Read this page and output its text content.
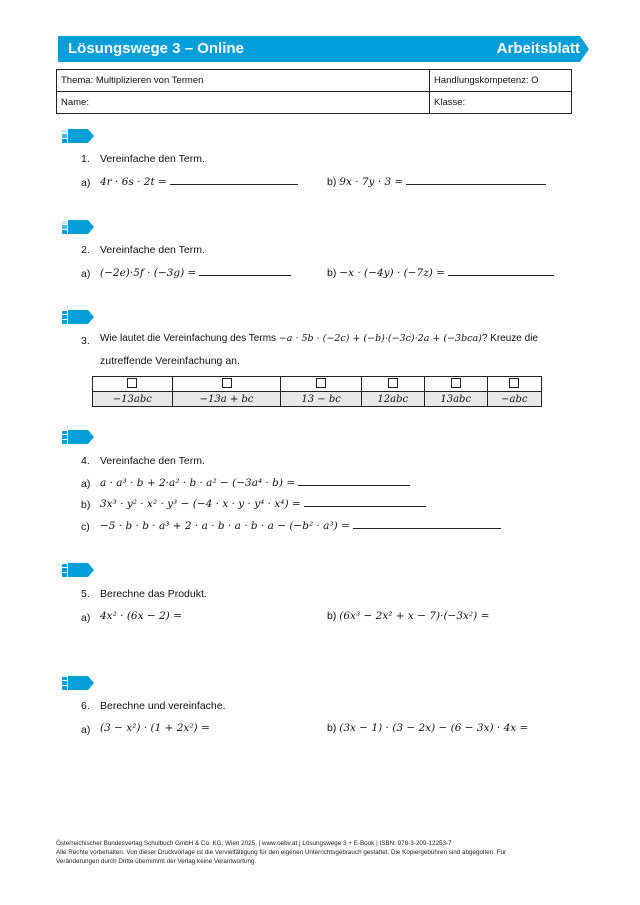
Lösungswege 3 – Online	Arbeitsblatt
Thema: Multiplizieren von Termen	Handlungskompetenz: O
Name:	Klasse:
1. Vereinfache den Term.
a) 4r · 6s · 2t =	b) 9x · 7y · 3 =
2. Vereinfache den Term.
a) (−2e)·5f · (−3g) =	b) −x · (−4y) · (−7z) =
3. Wie lautet die Vereinfachung des Terms −a · 5b · (−2c) + (−b)·(−3c)·2a + (−3bca)? Kreuze die
zutreffende Vereinfachung an.

−13abc	−13a + bc	13 − bc	12abc	13abc	−abc
4. Vereinfache den Term.
a) a · a³ · b + 2·a² · b · a² − (−3a⁴ · b) =
b) 3x³ · y² · x² · y³ − (−4 · x · y · y⁴ · x⁴) =
c) −5 · b · b · a³ + 2 · a · b · a · b · a − (−b² · a³) =
5. Berechne das Produkt.
a) 4x² · (6x − 2) =	b) (6x³ − 2x² + x − 7)·(−3x²) =
6. Berechne und vereinfache.
a) (3 − x²) · (1 + 2x²) =	b) (3x − 1) · (3 − 2x) − (6 − 3x) · 4x =
Österreichischer Bundesverlag Schulbuch GmbH & Co. KG, Wien 2025. | www.oebv.at | Lösungswege 3 + E-Book | ISBN: 978-3-209-12253-7
Alle Rechte vorbehalten. Von dieser Druckvorlage ist die Vervielfältigung für den eigenen Unterrichtsgebrauch gestattet. Die Kopiergebühren sind abgegolten. Für
Veränderungen durch Dritte übernimmt der Verlag keine Verantwortung.
